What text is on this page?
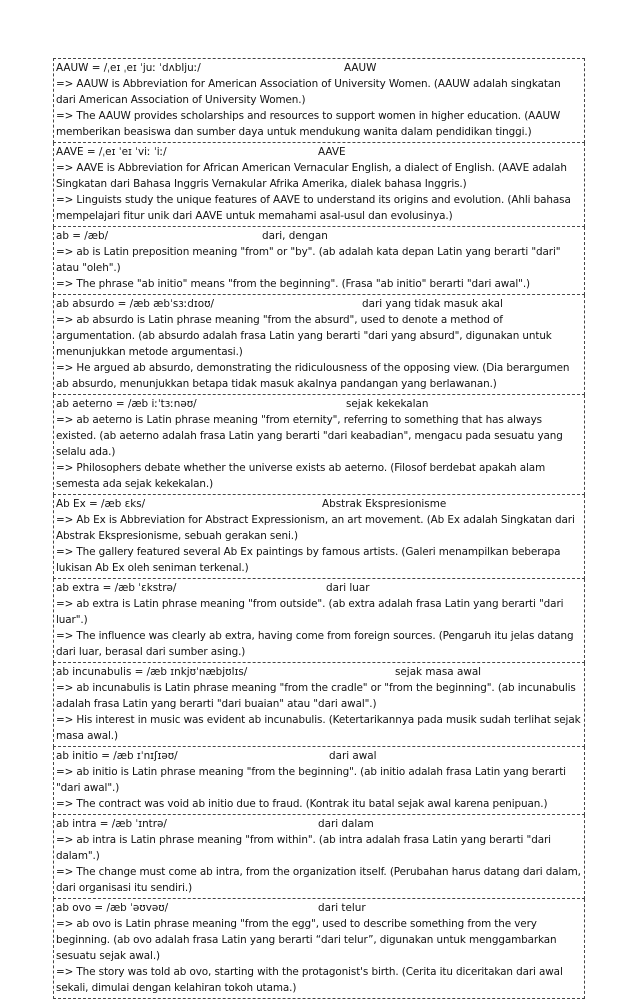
AAUW = /ˌeɪ ˌeɪ ˈjuː ˈdʌbljuː/	AAUW

=> AAUW is Abbreviation for American Association of University Women. (AAUW adalah singkatan dari American Association of University Women.)

=> The AAUW provides scholarships and resources to support women in higher education. (AAUW memberikan beasiswa dan sumber daya untuk mendukung wanita dalam pendidikan tinggi.)

AAVE = /ˌeɪ ˈeɪ ˈviː ˈiː/	AAVE

=> AAVE is Abbreviation for African American Vernacular English, a dialect of English. (AAVE adalah Singkatan dari Bahasa Inggris Vernakular Afrika Amerika, dialek bahasa Inggris.)

=> Linguists study the unique features of AAVE to understand its origins and evolution. (Ahli bahasa mempelajari fitur unik dari AAVE untuk memahami asal-usul dan evolusinya.)

ab = /æb/	dari, dengan

=> ab is Latin preposition meaning "from" or "by". (ab adalah kata depan Latin yang berarti "dari" atau "oleh".)

=> The phrase "ab initio" means "from the beginning". (Frasa "ab initio" berarti "dari awal".)

ab absurdo = /æb æbˈsɜːdɪoʊ/	dari yang tidak masuk akal

=> ab absurdo is Latin phrase meaning "from the absurd", used to denote a method of argumentation. (ab absurdo adalah frasa Latin yang berarti "dari yang absurd", digunakan untuk menunjukkan metode argumentasi.)

=> He argued ab absurdo, demonstrating the ridiculousness of the opposing view. (Dia berargumen ab absurdo, menunjukkan betapa tidak masuk akalnya pandangan yang berlawanan.)

ab aeterno = /æb iːˈtɜːnəʊ/	sejak kekekalan

=> ab aeterno is Latin phrase meaning "from eternity", referring to something that has always existed. (ab aeterno adalah frasa Latin yang berarti "dari keabadian", mengacu pada sesuatu yang selalu ada.)

=> Philosophers debate whether the universe exists ab aeterno. (Filosof berdebat apakah alam semesta ada sejak kekekalan.)

Ab Ex = /æb ɛks/	Abstrak Ekspresionisme

=> Ab Ex is Abbreviation for Abstract Expressionism, an art movement. (Ab Ex adalah Singkatan dari Abstrak Ekspresionisme, sebuah gerakan seni.)

=> The gallery featured several Ab Ex paintings by famous artists. (Galeri menampilkan beberapa lukisan Ab Ex oleh seniman terkenal.)

ab extra = /æb ˈɛkstrə/	dari luar

=> ab extra is Latin phrase meaning "from outside". (ab extra adalah frasa Latin yang berarti "dari luar".)

=> The influence was clearly ab extra, having come from foreign sources. (Pengaruh itu jelas datang dari luar, berasal dari sumber asing.)

ab incunabulis = /æb ɪnkjʊˈnæbjʊlɪs/	sejak masa awal

=> ab incunabulis is Latin phrase meaning "from the cradle" or "from the beginning". (ab incunabulis adalah frasa Latin yang berarti "dari buaian" atau "dari awal".)

=> His interest in music was evident ab incunabulis. (Ketertarikannya pada musik sudah terlihat sejak masa awal.)

ab initio = /æb ɪˈnɪʃɪəʊ/	dari awal

=> ab initio is Latin phrase meaning "from the beginning". (ab initio adalah frasa Latin yang berarti "dari awal".)

=> The contract was void ab initio due to fraud. (Kontrak itu batal sejak awal karena penipuan.)

ab intra = /æb ˈɪntrə/	dari dalam

=> ab intra is Latin phrase meaning "from within". (ab intra adalah frasa Latin yang berarti "dari dalam".)

=> The change must come ab intra, from the organization itself. (Perubahan harus datang dari dalam, dari organisasi itu sendiri.)

ab ovo = /æb ˈəʊvəʊ/	dari telur

=> ab ovo is Latin phrase meaning "from the egg", used to describe something from the very beginning. (ab ovo adalah frasa Latin yang berarti “dari telur”, digunakan untuk menggambarkan sesuatu sejak awal.)

=> The story was told ab ovo, starting with the protagonist's birth. (Cerita itu diceritakan dari awal sekali, dimulai dengan kelahiran tokoh utama.)
